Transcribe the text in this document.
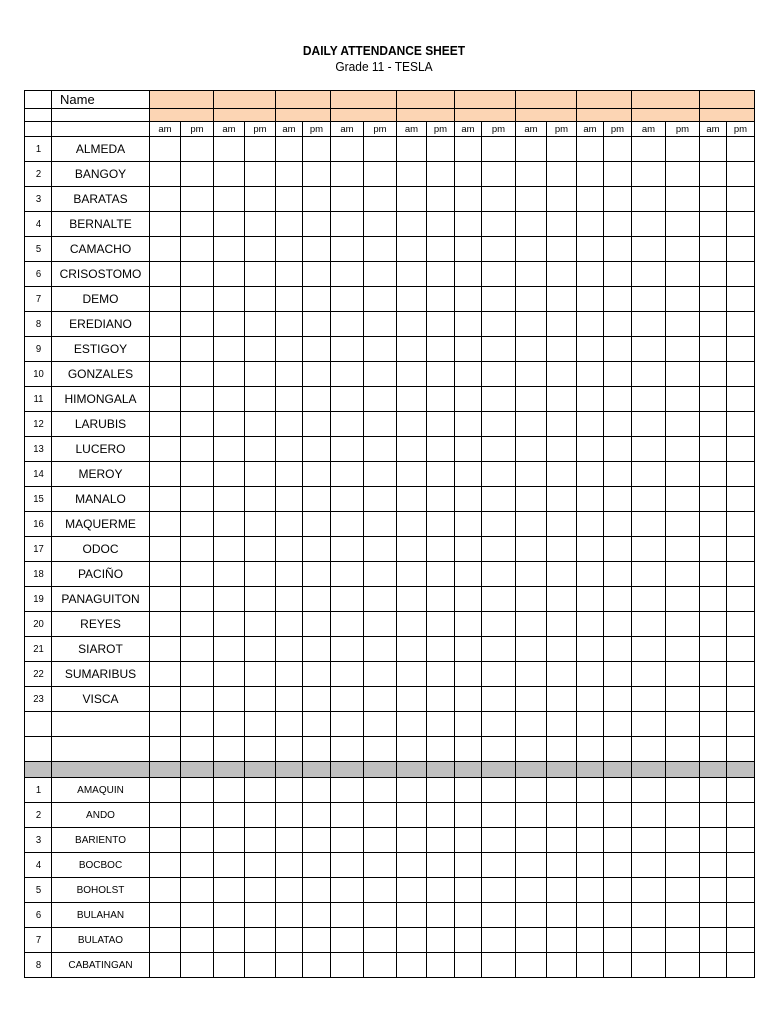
DAILY ATTENDANCE SHEET
Grade 11 - TESLA
	Name																				

		am	pm	am	pm	am	pm	am	pm	am	pm	am	pm	am	pm	am	pm	am	pm	am	pm
1	ALMEDA																				
2	BANGOY																				
3	BARATAS																				
4	BERNALTE																				
5	CAMACHO																				
6	CRISOSTOMO																				
7	DEMO																				
8	EREDIANO																				
9	ESTIGOY																				
10	GONZALES																				
11	HIMONGALA																				
12	LARUBIS																				
13	LUCERO																				
14	MEROY																				
15	MANALO																				
16	MAQUERME																				
17	ODOC																				
18	PACIÑO																				
19	PANAGUITON																				
20	REYES																				
21	SIAROT																				
22	SUMARIBUS																				
23	VISCA																				

1	AMAQUIN																				
2	ANDO																				
3	BARIENTO																				
4	BOCBOC																				
5	BOHOLST																				
6	BULAHAN																				
7	BULATAO																				
8	CABATINGAN																				
